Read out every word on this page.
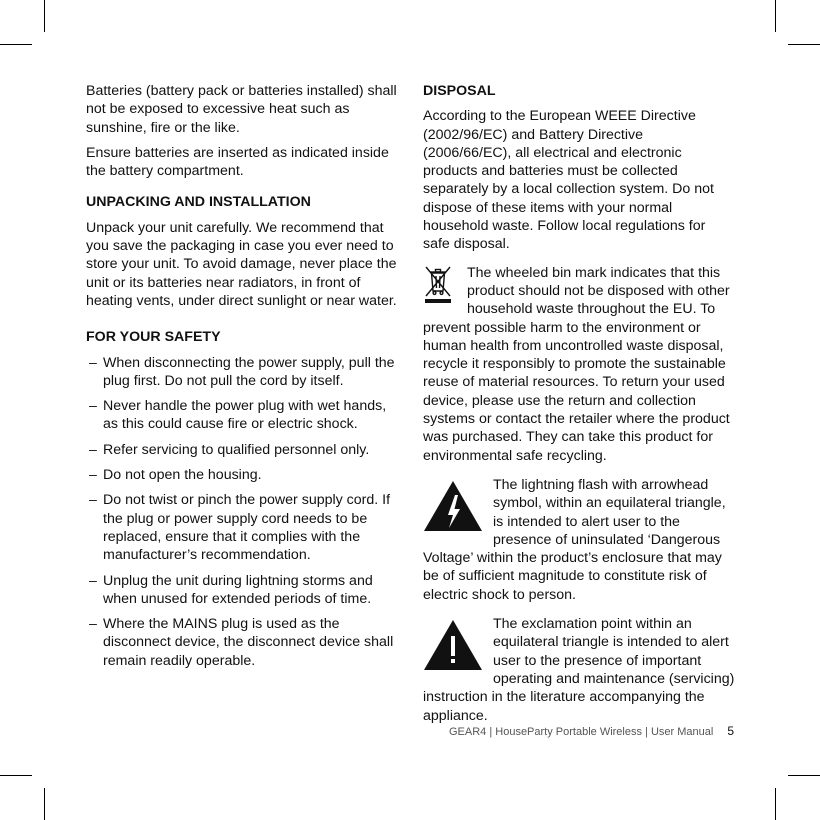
Batteries (battery pack or batteries installed) shall not be exposed to excessive heat such as sunshine, fire or the like.

Ensure batteries are inserted as indicated inside the battery compartment.

UNPACKING AND INSTALLATION

Unpack your unit carefully. We recommend that you save the packaging in case you ever need to store your unit. To avoid damage, never place the unit or its batteries near radiators, in front of heating vents, under direct sunlight or near water.

FOR YOUR SAFETY

– When disconnecting the power supply, pull the plug first. Do not pull the cord by itself.
– Never handle the power plug with wet hands, as this could cause fire or electric shock.
– Refer servicing to qualified personnel only.
– Do not open the housing.
– Do not twist or pinch the power supply cord. If the plug or power supply cord needs to be replaced, ensure that it complies with the manufacturer’s recommendation.
– Unplug the unit during lightning storms and when unused for extended periods of time.
– Where the MAINS plug is used as the disconnect device, the disconnect device shall remain readily operable.

DISPOSAL

According to the European WEEE Directive (2002/96/EC) and Battery Directive (2006/66/EC), all electrical and electronic products and batteries must be collected separately by a local collection system. Do not dispose of these items with your normal household waste. Follow local regulations for safe disposal.

The wheeled bin mark indicates that this product should not be disposed with other household waste throughout the EU. To prevent possible harm to the environment or human health from uncontrolled waste disposal, recycle it responsibly to promote the sustainable reuse of material resources. To return your used device, please use the return and collection systems or contact the retailer where the product was purchased. They can take this product for environmental safe recycling.

The lightning flash with arrowhead symbol, within an equilateral triangle, is intended to alert user to the presence of uninsulated ‘Dangerous Voltage’ within the product’s enclosure that may be of sufficient magnitude to constitute risk of electric shock to person.

The exclamation point within an equilateral triangle is intended to alert user to the presence of important operating and maintenance (servicing) instruction in the literature accompanying the appliance.

GEAR4 | HouseParty Portable Wireless | User Manual 5
